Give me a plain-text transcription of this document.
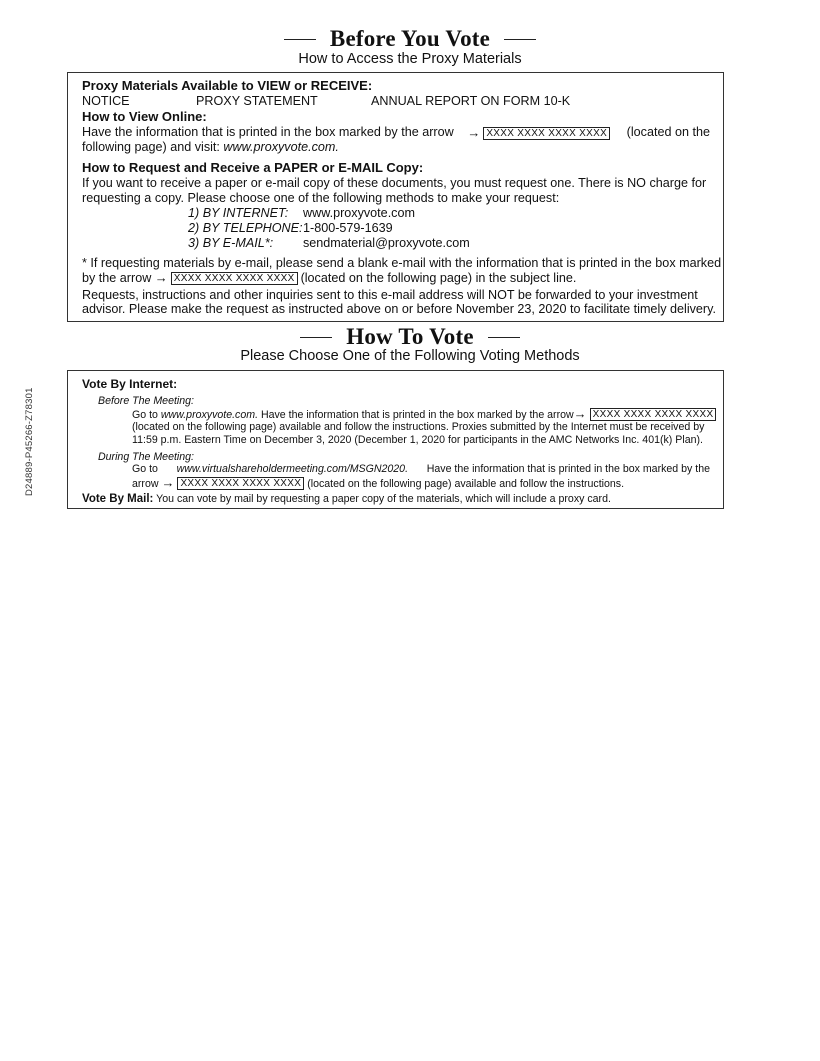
D24889-P45266-Z78301
Before You Vote
How to Access the Proxy Materials
Proxy Materials Available to VIEW or RECEIVE:
NOTICE	PROXY STATEMENT	ANNUAL REPORT ON FORM 10-K
How to View Online:
Have the information that is printed in the box marked by the arrow → XXXX XXXX XXXX XXXX	(located on the
following page) and visit: www.proxyvote.com.
How to Request and Receive a PAPER or E-MAIL Copy:
If you want to receive a paper or e-mail copy of these documents, you must request one. There is NO charge for
requesting a copy. Please choose one of the following methods to make your request:
1) BY INTERNET: www.proxyvote.com
2) BY TELEPHONE: 1-800-579-1639
3) BY E-MAIL*: sendmaterial@proxyvote.com
* If requesting materials by e-mail, please send a blank e-mail with the information that is printed in the box marked
by the arrow → XXXX XXXX XXXX XXXX (located on the following page) in the subject line.
Requests, instructions and other inquiries sent to this e-mail address will NOT be forwarded to your investment
advisor. Please make the request as instructed above on or before November 23, 2020 to facilitate timely delivery.
How To Vote
Please Choose One of the Following Voting Methods
Vote By Internet:
Before The Meeting:
Go to www.proxyvote.com. Have the information that is printed in the box marked by the arrow→ XXXX XXXX XXXX XXXX
(located on the following page) available and follow the instructions. Proxies submitted by the Internet must be received by
11:59 p.m. Eastern Time on December 3, 2020 (December 1, 2020 for participants in the AMC Networks Inc. 401(k) Plan).
During The Meeting:
Go to www.virtualshareholdermeeting.com/MSGN2020. Have the information that is printed in the box marked by the
arrow → XXXX XXXX XXXX XXXX (located on the following page) available and follow the instructions.
Vote By Mail: You can vote by mail by requesting a paper copy of the materials, which will include a proxy card.
